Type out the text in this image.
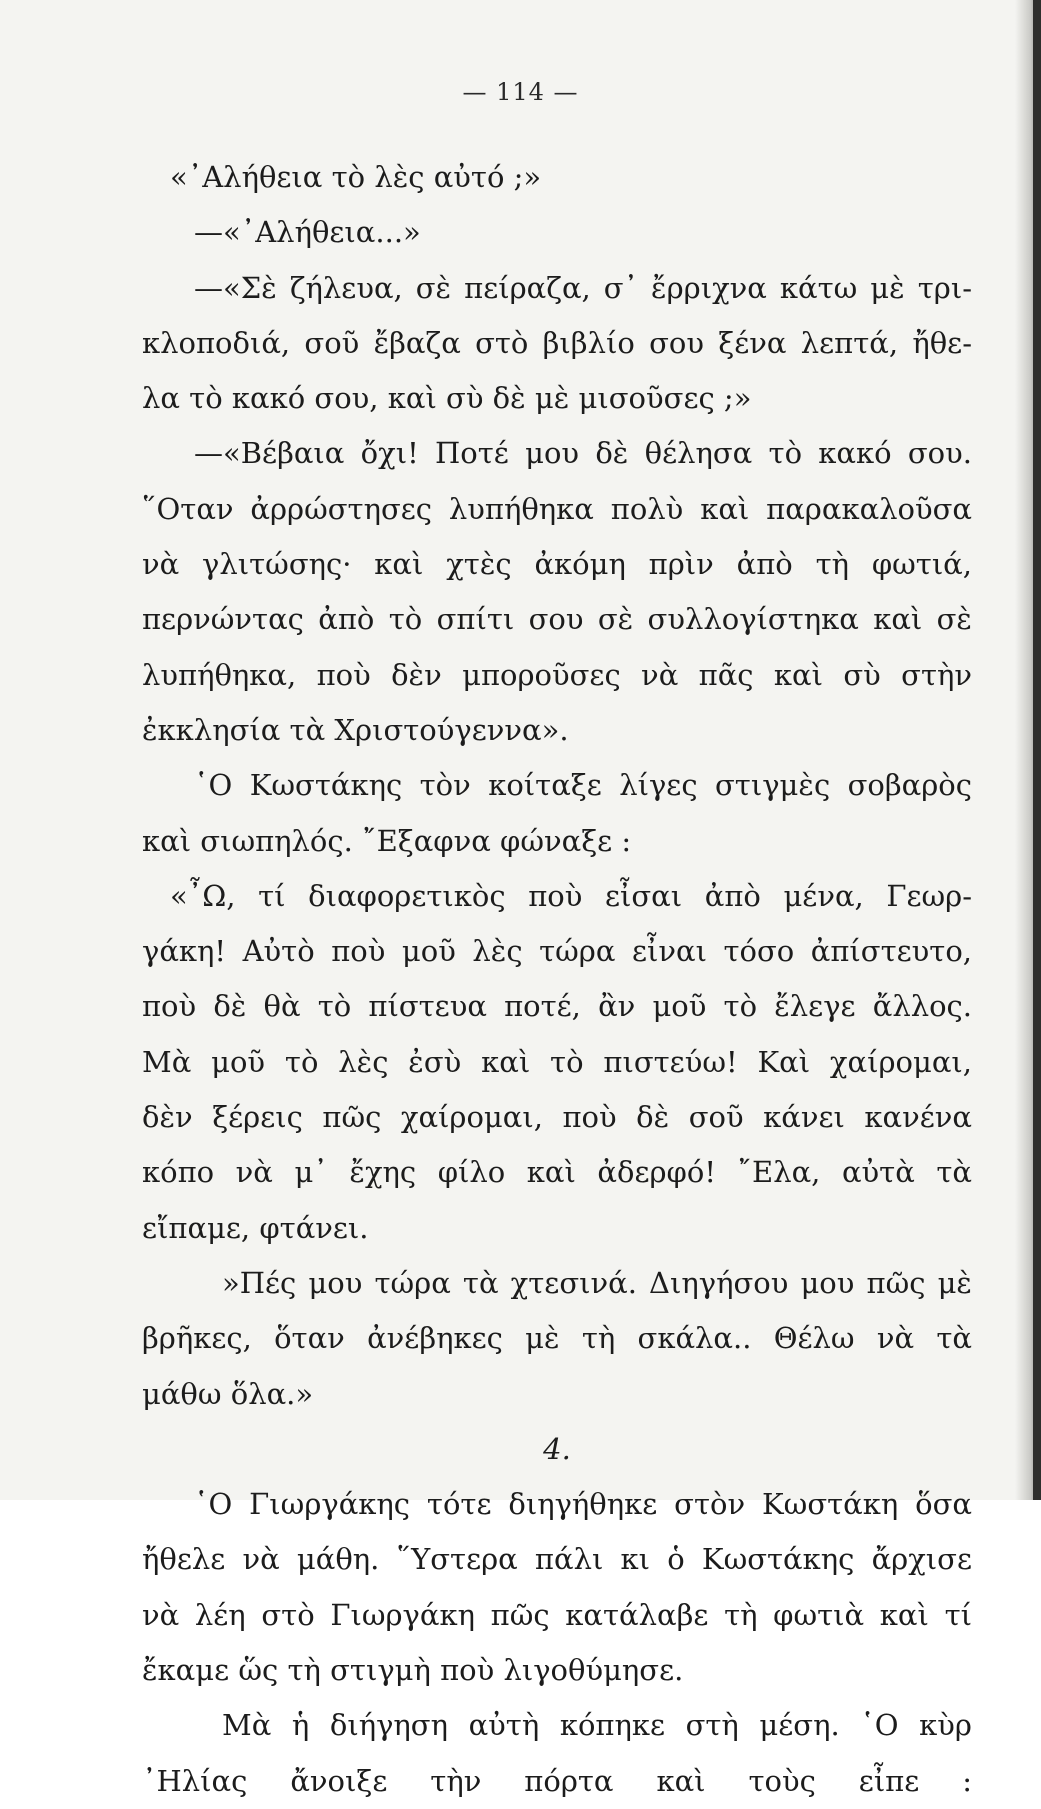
— 114 —
«᾽Αλήθεια τὸ λὲς αὐτό ;»
—«᾽Αλήθεια...»
—«Σὲ ζήλευα, σὲ πείραζα, σ᾽ ἔρριχνα κάτω μὲ τρι-
κλοποδιά, σοῦ ἔβαζα στὸ βιβλίο σου ξένα λεπτά, ἤθε-
λα τὸ κακό σου, καὶ σὺ δὲ μὲ μισοῦσες ;»
—«Βέβαια ὄχι! Ποτέ μου δὲ θέλησα τὸ κακό σου.
῞Οταν ἀρρώστησες λυπήθηκα πολὺ καὶ παρακαλοῦσα
νὰ γλιτώσης· καὶ χτὲς ἀκόμη πρὶν ἀπὸ τὴ φωτιά,
περνώντας ἀπὸ τὸ σπίτι σου σὲ συλλογίστηκα καὶ σὲ
λυπήθηκα, ποὺ δὲν μποροῦσες νὰ πᾶς καὶ σὺ στὴν
ἐκκλησία τὰ Χριστούγεννα».
῾Ο Κωστάκης τὸν κοίταξε λίγες στιγμὲς σοβαρὸς
καὶ σιωπηλός. ῎Εξαφνα φώναξε :
«῏Ω, τί διαφορετικὸς ποὺ εἶσαι ἀπὸ μένα, Γεωρ-
γάκη! Αὐτὸ ποὺ μοῦ λὲς τώρα εἶναι τόσο ἀπίστευτο,
ποὺ δὲ θὰ τὸ πίστευα ποτέ, ἂν μοῦ τὸ ἔλεγε ἄλλος.
Μὰ μοῦ τὸ λὲς ἐσὺ καὶ τὸ πιστεύω! Καὶ χαίρομαι,
δὲν ξέρεις πῶς χαίρομαι, ποὺ δὲ σοῦ κάνει κανένα
κόπο νὰ μ᾽ ἔχης φίλο καὶ ἀδερφό! ῎Ελα, αὐτὰ τὰ
εἴπαμε, φτάνει.
»Πές μου τώρα τὰ χτεσινά. Διηγήσου μου πῶς μὲ
βρῆκες, ὅταν ἀνέβηκες μὲ τὴ σκάλα.. Θέλω νὰ τὰ
μάθω ὅλα.»
4.
῾Ο Γιωργάκης τότε διηγήθηκε στὸν Κωστάκη ὅσα
ἤθελε νὰ μάθη. ῞Υστερα πάλι κι ὁ Κωστάκης ἄρχισε
νὰ λέη στὸ Γιωργάκη πῶς κατάλαβε τὴ φωτιὰ καὶ τί
ἔκαμε ὥς τὴ στιγμὴ ποὺ λιγοθύμησε.
Μὰ ἡ διήγηση αὐτὴ κόπηκε στὴ μέση. ῾Ο κὺρ
᾽Ηλίας ἄνοιξε τὴν πόρτα καὶ τοὺς εἶπε :
